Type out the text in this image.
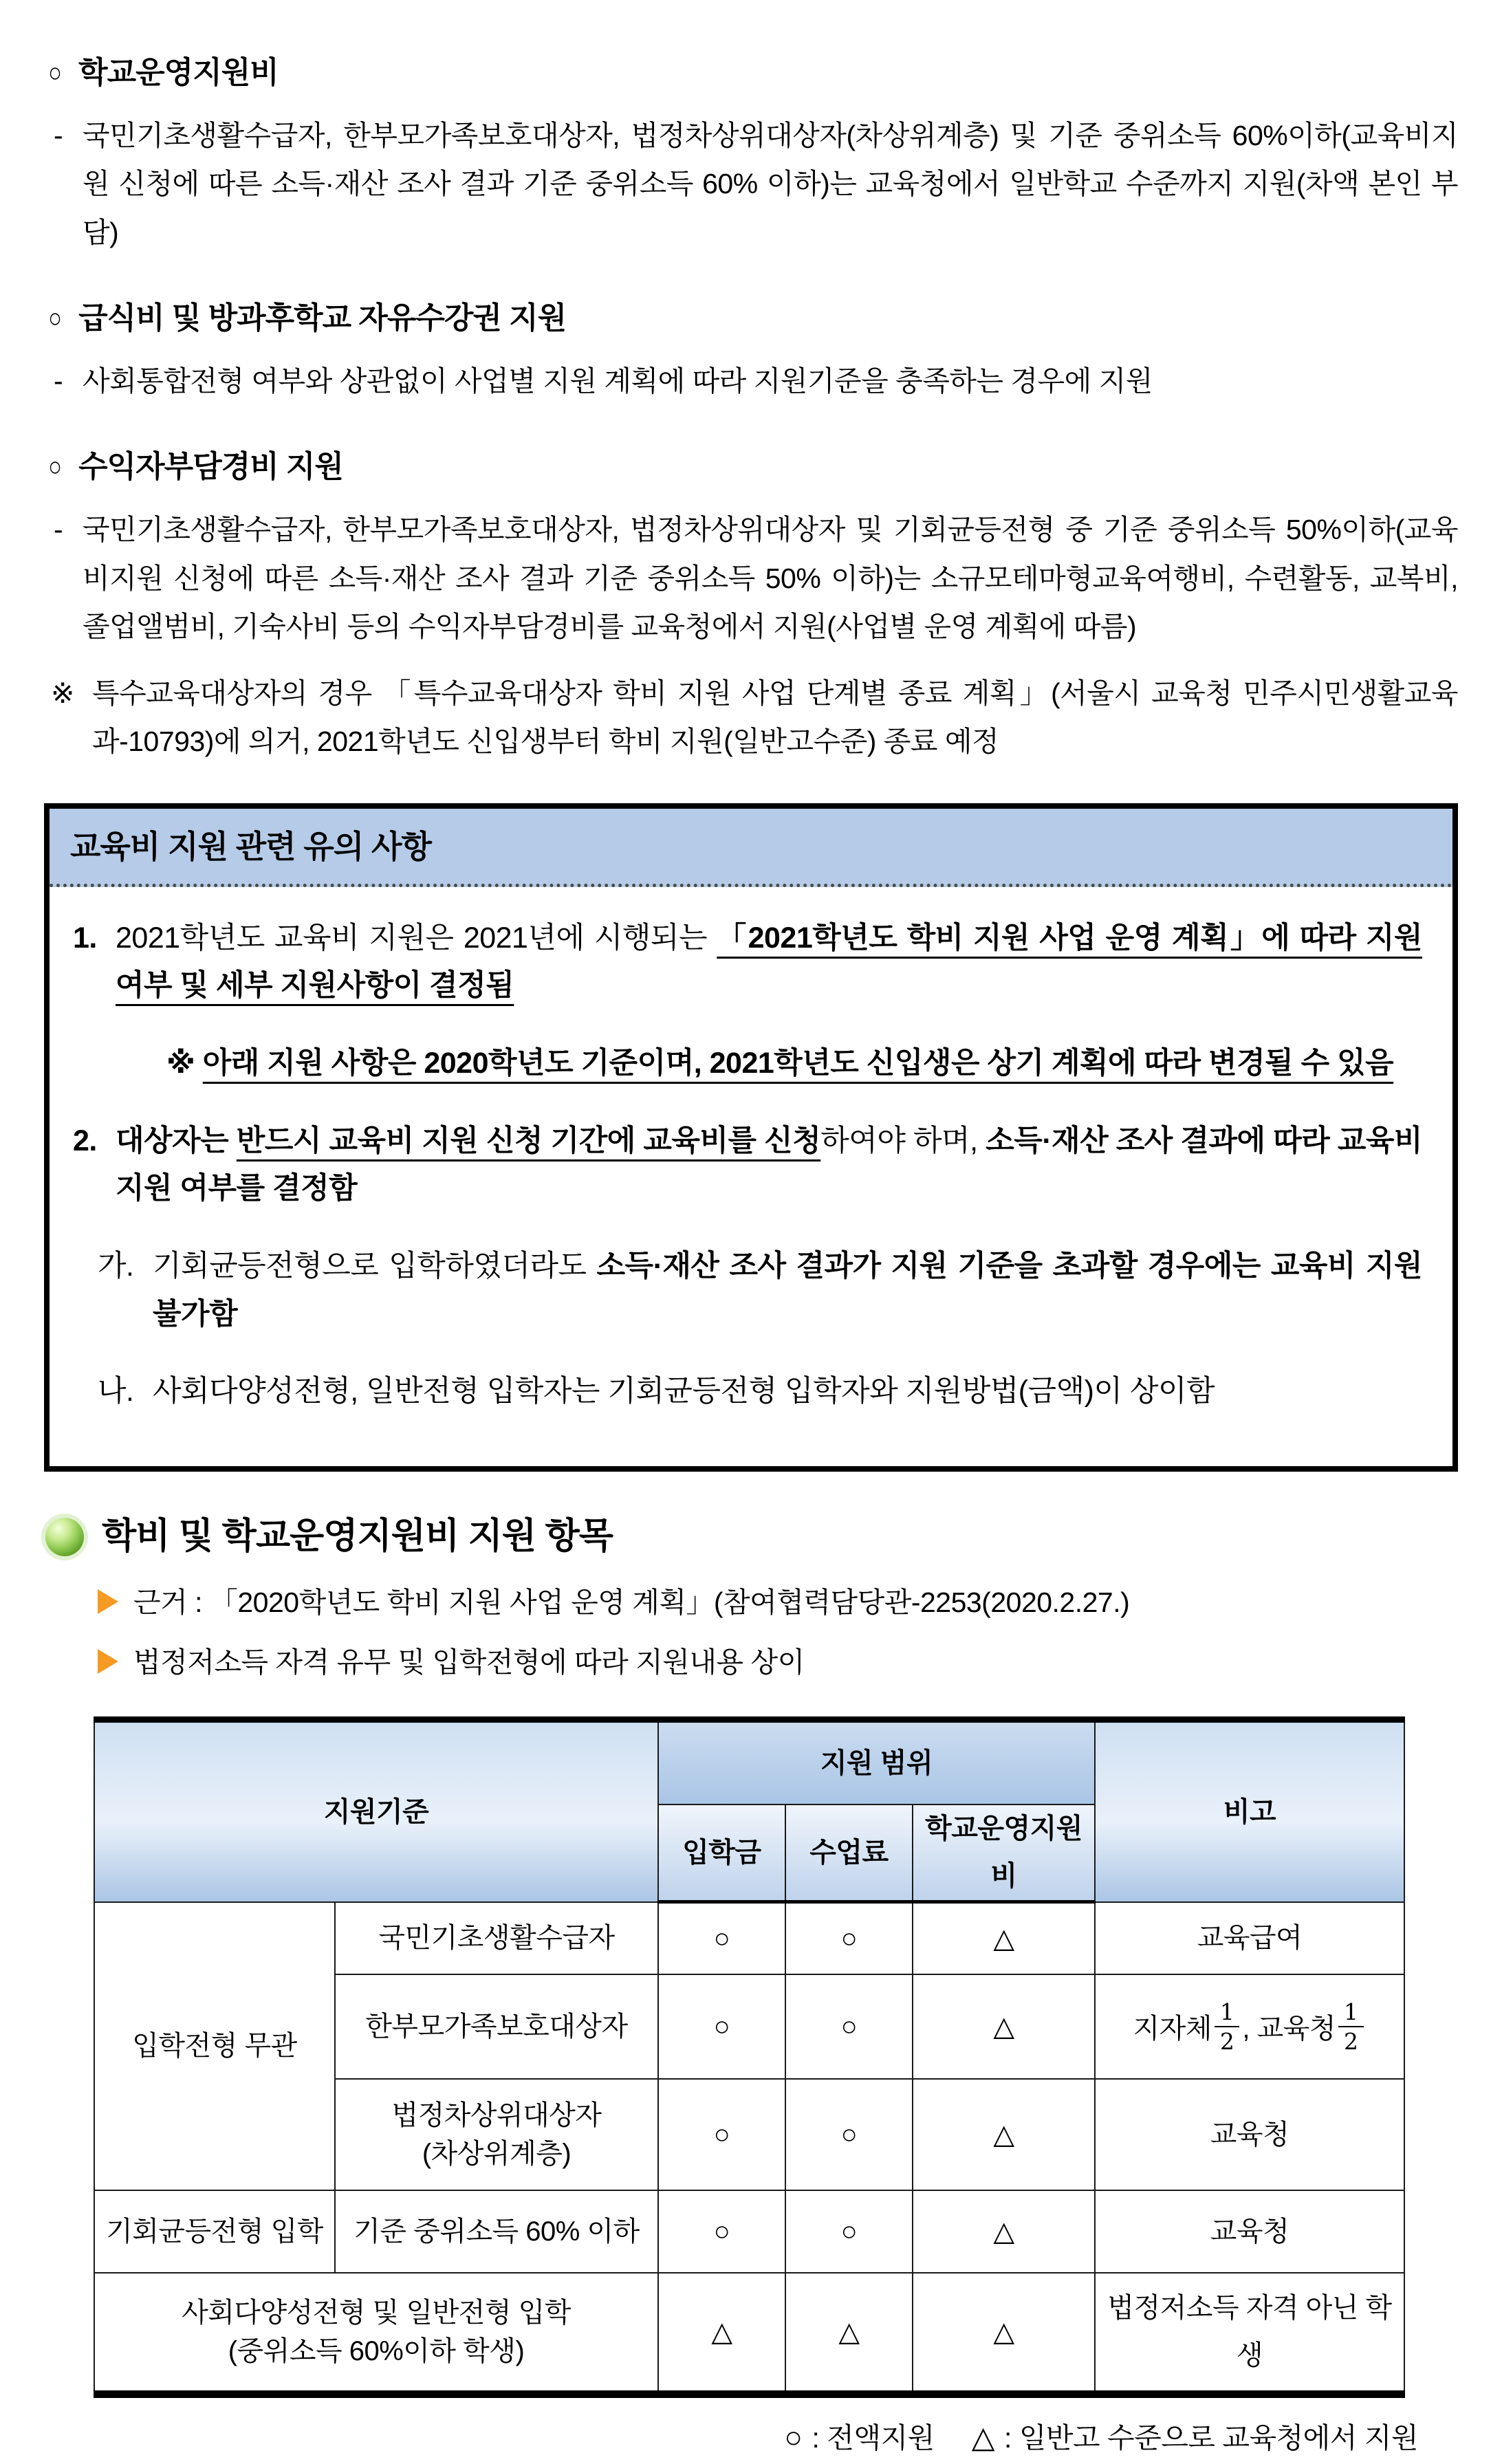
○ 학교운영지원비

- 국민기초생활수급자, 한부모가족보호대상자, 법정차상위대상자(차상위계층) 및 기준 중위소득 60%이하(교육비지원 신청에 따른 소득·재산 조사 결과 기준 중위소득 60% 이하)는 교육청에서 일반학교 수준까지 지원(차액 본인 부담)

○ 급식비 및 방과후학교 자유수강권 지원

- 사회통합전형 여부와 상관없이 사업별 지원 계획에 따라 지원기준을 충족하는 경우에 지원

○ 수익자부담경비 지원

- 국민기초생활수급자, 한부모가족보호대상자, 법정차상위대상자 및 기회균등전형 중 기준 중위소득 50%이하(교육비지원 신청에 따른 소득·재산 조사 결과 기준 중위소득 50% 이하)는 소규모테마형교육여행비, 수련활동, 교복비, 졸업앨범비, 기숙사비 등의 수익자부담경비를 교육청에서 지원(사업별 운영 계획에 따름)

※ 특수교육대상자의 경우 「특수교육대상자 학비 지원 사업 단계별 종료 계획」(서울시 교육청 민주시민생활교육과-10793)에 의거, 2021학년도 신입생부터 학비 지원(일반고수준) 종료 예정

교육비 지원 관련 유의 사항

1. 2021학년도 교육비 지원은 2021년에 시행되는 「2021학년도 학비 지원 사업 운영 계획」에 따라 지원 여부 및 세부 지원사항이 결정됨

※ 아래 지원 사항은 2020학년도 기준이며, 2021학년도 신입생은 상기 계획에 따라 변경될 수 있음

2. 대상자는 반드시 교육비 지원 신청 기간에 교육비를 신청하여야 하며, 소득·재산 조사 결과에 따라 교육비 지원 여부를 결정함

가. 기회균등전형으로 입학하였더라도 소득·재산 조사 결과가 지원 기준을 초과할 경우에는 교육비 지원 불가함

나. 사회다양성전형, 일반전형 입학자는 기회균등전형 입학자와 지원방법(금액)이 상이함

학비 및 학교운영지원비 지원 항목
근거 : 「2020학년도 학비 지원 사업 운영 계획」(참여협력담당관-2253(2020.2.27.)
법정저소득 자격 유무 및 입학전형에 따라 지원내용 상이
지원기준		지원 범위			비고
		입학금	수업료	학교운영지원비	
입학전형 무관	국민기초생활수급자	○	○	△	교육급여
한부모가족보호대상자	○	○	△	지자체 $\frac{1}{2}$ , 교육청 $\frac{1}{2}$

	법정차상위대상자
(차상위계층)	○	○	△	교육청
기회균등전형 입학	기준 중위소득 60% 이하	○	○	△	교육청

사회다양성전형 및 일반전형 입학
(중위소득 60%이하 학생)		△	△	△	법정저소득 자격 아닌 학생
○ : 전액지원 △ : 일반고 수준으로 교육청에서 지원
